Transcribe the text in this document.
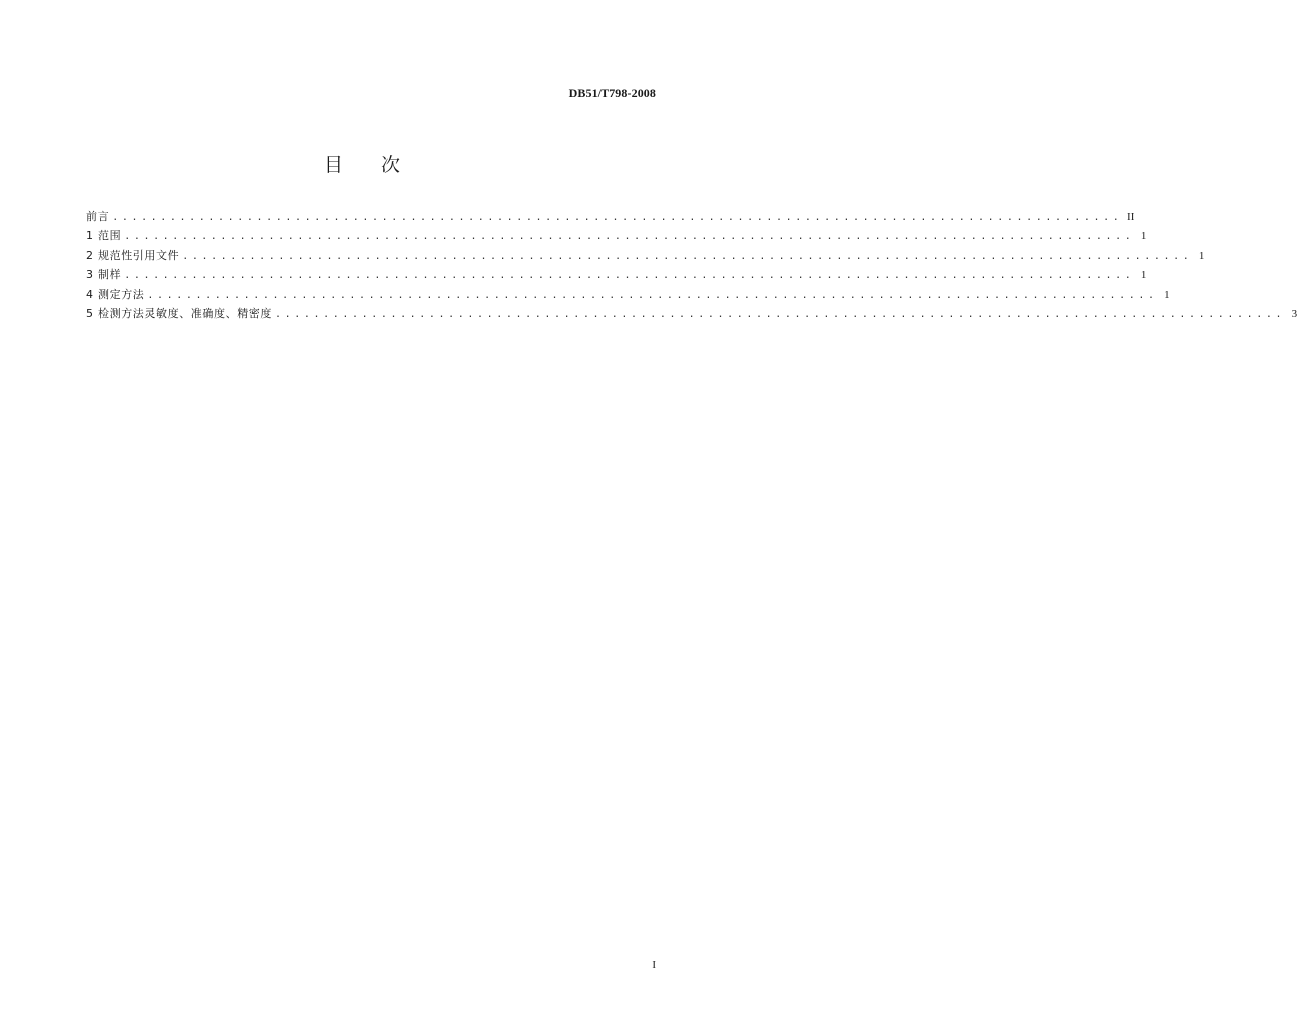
DB51/T798-2008
目 次
前言 ......................................................................................................... II
1 范围 ......................................................................................................... 1
2 规范性引用文件 ......................................................................................................... 1
3 制样 ......................................................................................................... 1
4 测定方法 ......................................................................................................... 1
5 检测方法灵敏度、准确度、精密度 ......................................................................................................... 3
I
